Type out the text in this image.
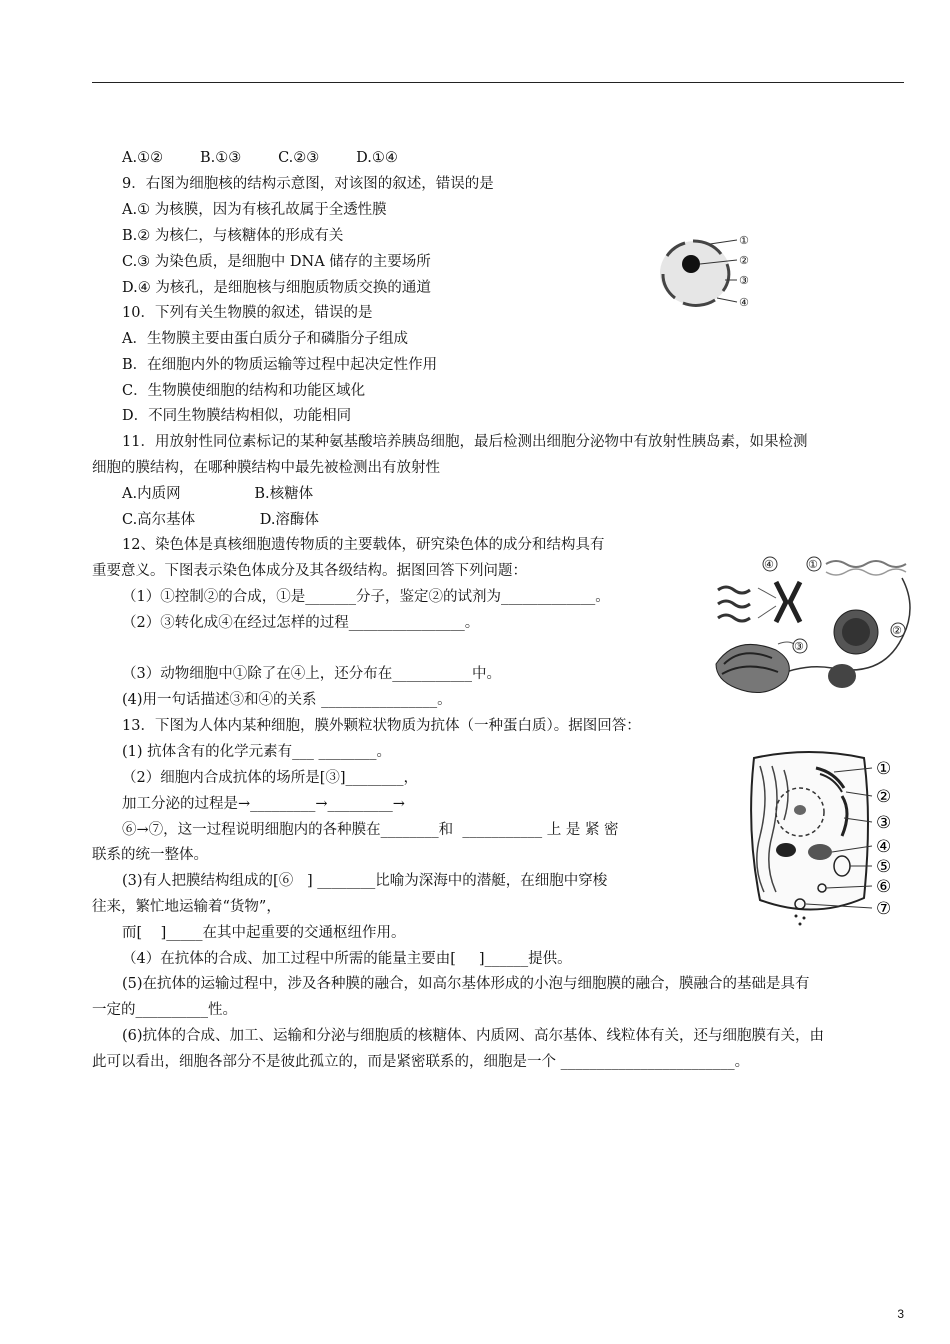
A.①②        B.①③        C.②③        D.①④
9．右图为细胞核的结构示意图，对该图的叙述，错误的是
A.① 为核膜，因为有核孔故属于全透性膜
B.② 为核仁，与核糖体的形成有关
C.③ 为染色质，是细胞中 DNA 储存的主要场所
D.④ 为核孔，是细胞核与细胞质物质交换的通道
10．下列有关生物膜的叙述，错误的是
A．生物膜主要由蛋白质分子和磷脂分子组成
B．在细胞内外的物质运输等过程中起决定性作用
C．生物膜使细胞的结构和功能区域化
D．不同生物膜结构相似，功能相同
11．用放射性同位素标记的某种氨基酸培养胰岛细胞，最后检测出细胞分泌物中有放射性胰岛素，如果检测
细胞的膜结构，在哪种膜结构中最先被检测出有放射性
A.内质网                B.核糖体
C.高尔基体              D.溶酶体
12、染色体是真核细胞遗传物质的主要载体，研究染色体的成分和结构具有
重要意义。下图表示染色体成分及其各级结构。据图回答下列问题：
（1）①控制②的合成，①是_______分子，鉴定②的试剂为_____________。
（2）③转化成④在经过怎样的过程________________。
（3）动物细胞中①除了在④上，还分布在___________中。
(4)用一句话描述③和④的关系 ________________。
13．下图为人体内某种细胞，膜外颗粒状物质为抗体（一种蛋白质）。据图回答：
(1) 抗体含有的化学元素有___ ________。
（2）细胞内合成抗体的场所是[③]________，
加工分泌的过程是→_________→_________→
⑥→⑦，这一过程说明细胞内的各种膜在________和  ___________ 上 是 紧 密
联系的统一整体。
(3)有人把膜结构组成的[⑥   ] ________比喻为深海中的潜艇，在细胞中穿梭
往来，繁忙地运输着“货物”，
而[    ]_____在其中起重要的交通枢纽作用。
（4）在抗体的合成、加工过程中所需的能量主要由[     ]______提供。
(5)在抗体的运输过程中，涉及各种膜的融合，如高尔基体形成的小泡与细胞膜的融合，膜融合的基础是具有
一定的__________性。
(6)抗体的合成、加工、运输和分泌与细胞质的核糖体、内质网、高尔基体、线粒体有关，还与细胞膜有关，由
此可以看出，细胞各部分不是彼此孤立的，而是紧密联系的，细胞是一个 ________________________。
①
②
③
④
④	①
②
③
①
②
③
④
⑤
⑥
⑦
3
